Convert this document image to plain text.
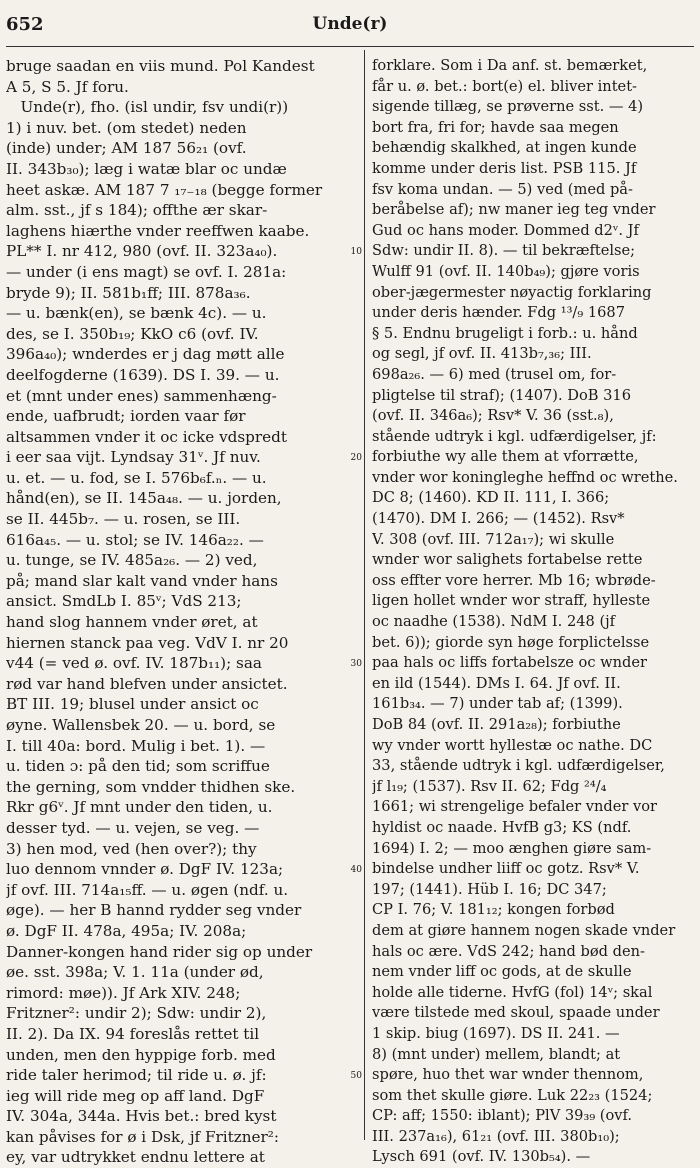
652	Unde(r)
bruge saadan en viis mund. Pol Kandest
A 5, S 5. Jf foru.
Unde(r), fho. (isl undir, fsv undi(r))
1) i nuv. bet. (om stedet) neden
(inde) under; AM 187 56₂₁ (ovf.
II. 343b₃₀); læg i watæ blar oc undæ
heet askæ. AM 187 7 ₁₇₋₁₈ (begge former
alm. sst., jf s 184); offthe ær skar-
laghens hiærthe vnder reeffwen kaabe.
PL** I. nr 412, 980 (ovf. II. 323a₄₀).
— under (i ens magt) se ovf. I. 281a:
bryde 9); II. 581b₁ff; III. 878a₃₆.
— u. bænk(en), se bænk 4c). — u.
des, se I. 350b₁₉; KkO c6 (ovf. IV.
396a₄₀); wnderdes er j dag møtt alle
deelfogderne (1639). DS I. 39. — u.
et (mnt under enes) sammenhæng-
ende, uafbrudt; iorden vaar før
altsammen vnder it oc icke vdspredt
i eer saa vijt. Lyndsay 31ᵛ. Jf nuv.
u. et. — u. fod, se I. 576b₆f.ₙ. — u.
hånd(en), se II. 145a₄₈. — u. jorden,
se II. 445b₇. — u. rosen, se III.
616a₄₅. — u. stol; se IV. 146a₂₂. —
u. tunge, se IV. 485a₂₆. — 2) ved,
på; mand slar kalt vand vnder hans
ansict. SmdLb I. 85ᵛ; VdS 213;
hand slog hannem vnder øret, at
hiernen stanck paa veg. VdV I. nr 20
v44 (= ved ø. ovf. IV. 187b₁₁); saa
rød var hand blefven under ansictet.
BT III. 19; blusel under ansict oc
øyne. Wallensbek 20. — u. bord, se
I. till 40a: bord. Mulig i bet. 1). —
u. tiden ɔ: på den tid; som scriffue
the gerning, som vndder thidhen ske.
Rkr g6ᵛ. Jf mnt under den tiden, u.
desser tyd. — u. vejen, se veg. —
3) hen mod, ved (hen over?); thy
luo dennom vnnder ø. DgF IV. 123a;
jf ovf. III. 714a₁₅ff. — u. øgen (ndf. u.
øge). — her B hannd rydder seg vnder
ø. DgF II. 478a, 495a; IV. 208a;
Danner-kongen hand rider sig op under
øe. sst. 398a; V. 1. 11a (under ød,
rimord: møe)). Jf Ark XIV. 248;
Fritzner²: undir 2); Sdw: undir 2),
II. 2). Da IX. 94 foreslås rettet til
unden, men den hyppige forb. med
ride taler herimod; til ride u. ø. jf:
ieg will ride meg op aff land. DgF
IV. 304a, 344a. Hvis bet.: bred kyst
kan påvises for ø i Dsk, jf Fritzner²:
ey, var udtrykket endnu lettere at
10
20
30
40
50
forklare. Som i Da anf. st. bemærket,
får u. ø. bet.: bort(e) el. bliver intet-
sigende tillæg, se prøverne sst. — 4)
bort fra, fri for; havde saa megen
behændig skalkhed, at ingen kunde
komme under deris list. PSB 115. Jf
fsv koma undan. — 5) ved (med på-
beråbelse af); nw maner ieg teg vnder
Gud oc hans moder. Dommed d2ᵛ. Jf
Sdw: undir II. 8). — til bekræftelse;
Wulff 91 (ovf. II. 140b₄₉); gjøre voris
ober-jægermester nøyactig forklaring
under deris hænder. Fdg ¹³/₉ 1687
§ 5. Endnu brugeligt i forb.: u. hånd
og segl, jf ovf. II. 413b₇,₃₆; III.
698a₂₆. — 6) med (trusel om, for-
pligtelse til straf); (1407). DoB 316
(ovf. II. 346a₆); Rsv* V. 36 (sst.₈),
stående udtryk i kgl. udfærdigelser, jf:
forbiuthe wy alle them at vforrætte,
vnder wor koningleghe heffnd oc wrethe.
DC 8; (1460). KD II. 111, I. 366;
(1470). DM I. 266; — (1452). Rsv*
V. 308 (ovf. III. 712a₁₇); wi skulle
wnder wor salighets fortabelse rette
oss effter vore herrer. Mb 16; wbrøde-
ligen hollet wnder wor straff, hylleste
oc naadhe (1538). NdM I. 248 (jf
bet. 6)); giorde syn høge forplictelsse
paa hals oc liffs fortabelsze oc wnder
en ild (1544). DMs I. 64. Jf ovf. II.
161b₃₄. — 7) under tab af; (1399).
DoB 84 (ovf. II. 291a₂₈); forbiuthe
wy vnder wortt hyllestæ oc nathe. DC
33, stående udtryk i kgl. udfærdigelser,
jf l₁₉; (1537). Rsv II. 62; Fdg ²⁴/₄
1661; wi strengelige befaler vnder vor
hyldist oc naade. HvfB g3; KS (ndf.
1694) I. 2; — moo ænghen giøre sam-
bindelse undher liiff oc gotz. Rsv* V.
197; (1441). Hüb I. 16; DC 347;
CP I. 76; V. 181₁₂; kongen forbød
dem at giøre hannem nogen skade vnder
hals oc ære. VdS 242; hand bød den-
nem vnder liff oc gods, at de skulle
holde alle tiderne. HvfG (fol) 14ᵛ; skal
være tilstede med skoul, spaade under
1 skip. biug (1697). DS II. 241. —
8) (mnt under) mellem, blandt; at
spøre, huo thet war wnder thennom,
som thet skulle giøre. Luk 22₂₃ (1524;
CP: aff; 1550: iblant); PlV 39₃₉ (ovf.
III. 237a₁₆), 61₂₁ (ovf. III. 380b₁₀);
Lysch 691 (ovf. IV. 130b₅₄). —
